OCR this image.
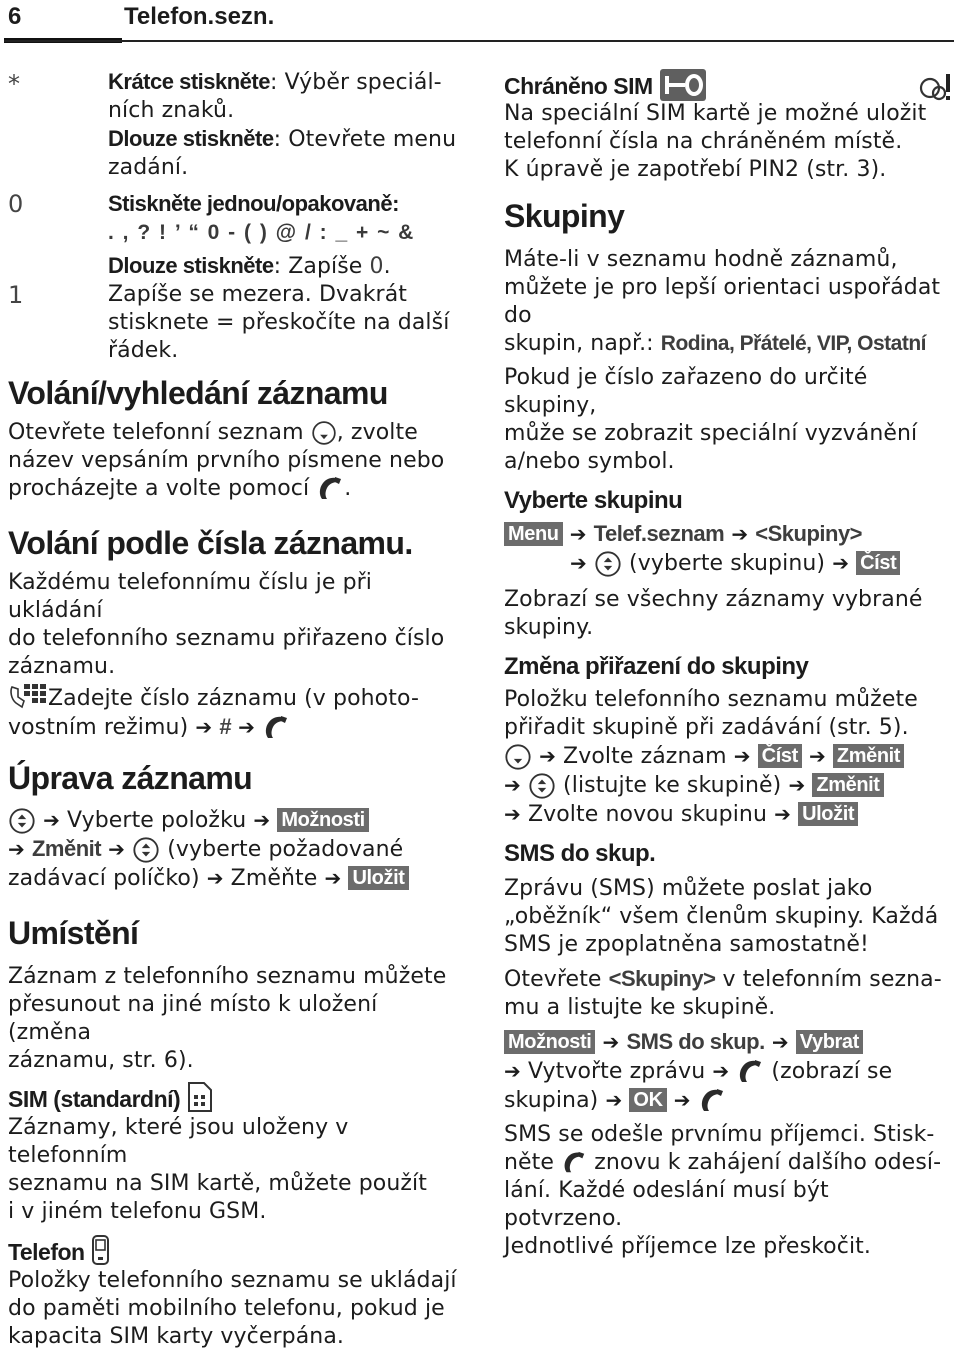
6	Telefon.sezn.
*	Krátce stiskněte: Výběr speciál-

ních znaků.

Dlouze stiskněte: Otevřete menu

zadání.

0	Stiskněte jednou/opakovaně:

. , ? ! ’ “ 0 - ( ) @ / : _ + ~ &

Dlouze stiskněte: Zapíše 0.

1	Zapíše se mezera. Dvakrát

stisknete = přeskočíte na další

řádek.

Volání/vyhledání záznamu

Otevřete telefonní seznam , zvolte

název vepsáním prvního písmene nebo

procházejte a volte pomocí .

Volání podle čísla záznamu.

Každému telefonnímu číslu je při ukládání

do telefonního seznamu přiřazeno číslo

záznamu.

Zadejte číslo záznamu (v pohoto-

vostním režimu) ➔ # ➔

Úprava záznamu

➔ Vyberte položku ➔ Možnosti

➔ Změnit ➔ (vyberte požadované

zadávací políčko) ➔ Změňte ➔ Uložit

Umístění

Záznam z telefonního seznamu můžete

přesunout na jiné místo k uložení (změna

záznamu, str. 6).

SIM (standardní)

Záznamy, které jsou uloženy v telefonním

seznamu na SIM kartě, můžete použít

i v jiném telefonu GSM.

Telefon

Položky telefonního seznamu se ukládají

do paměti mobilního telefonu, pokud je

kapacita SIM karty vyčerpána.

Chráněno SIM

Na speciální SIM kartě je možné uložit

telefonní čísla na chráněném místě.

K úpravě je zapotřebí PIN2 (str. 3).

Skupiny

Máte-li v seznamu hodně záznamů,

můžete je pro lepší orientaci uspořádat do

skupin, např.: Rodina, Přátelé, VIP, Ostatní

Pokud je číslo zařazeno do určité skupiny,

může se zobrazit speciální vyzvánění

a/nebo symbol.

Vyberte skupinu

Menu ➔ Telef.seznam ➔ <Skupiny>

➔ (vyberte skupinu) ➔ Číst

Zobrazí se všechny záznamy vybrané

skupiny.

Změna přiřazení do skupiny

Položku telefonního seznamu můžete

přiřadit skupině při zadávání (str. 5).

➔ Zvolte záznam ➔ Číst ➔ Změnit

➔ (listujte ke skupině) ➔ Změnit

➔ Zvolte novou skupinu ➔ Uložit

SMS do skup.

Zprávu (SMS) můžete poslat jako

„oběžník“ všem členům skupiny. Každá

SMS je zpoplatněna samostatně!

Otevřete <Skupiny> v telefonním sezna-

mu a listujte ke skupině.

Možnosti ➔ SMS do skup. ➔ Vybrat

➔ Vytvořte zprávu ➔ (zobrazí se

skupina) ➔ OK ➔

SMS se odešle prvnímu příjemci. Stisk-

něte znovu k zahájení dalšího odesí-

lání. Každé odeslání musí být potvrzeno.

Jednotlivé příjemce lze přeskočit.
